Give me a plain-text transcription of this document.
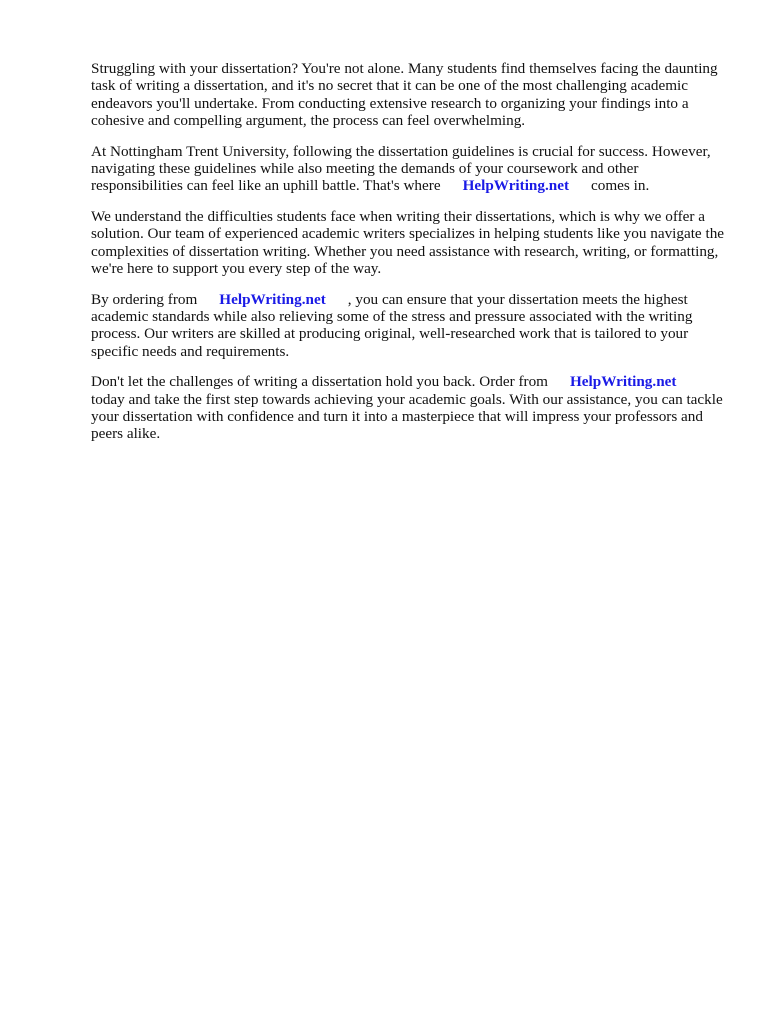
Struggling with your dissertation? You're not alone. Many students find themselves facing the daunting task of writing a dissertation, and it's no secret that it can be one of the most challenging academic endeavors you'll undertake. From conducting extensive research to organizing your findings into a cohesive and compelling argument, the process can feel overwhelming.

At Nottingham Trent University, following the dissertation guidelines is crucial for success. However, navigating these guidelines while also meeting the demands of your coursework and other responsibilities can feel like an uphill battle. That's where HelpWriting.net comes in.

We understand the difficulties students face when writing their dissertations, which is why we offer a solution. Our team of experienced academic writers specializes in helping students like you navigate the complexities of dissertation writing. Whether you need assistance with research, writing, or formatting, we're here to support you every step of the way.

By ordering from HelpWriting.net , you can ensure that your dissertation meets the highest academic standards while also relieving some of the stress and pressure associated with the writing process. Our writers are skilled at producing original, well-researched work that is tailored to your specific needs and requirements.

Don't let the challenges of writing a dissertation hold you back. Order from HelpWriting.nettoday and take the first step towards achieving your academic goals. With our assistance, you can tackle your dissertation with confidence and turn it into a masterpiece that will impress your professors and peers alike.
